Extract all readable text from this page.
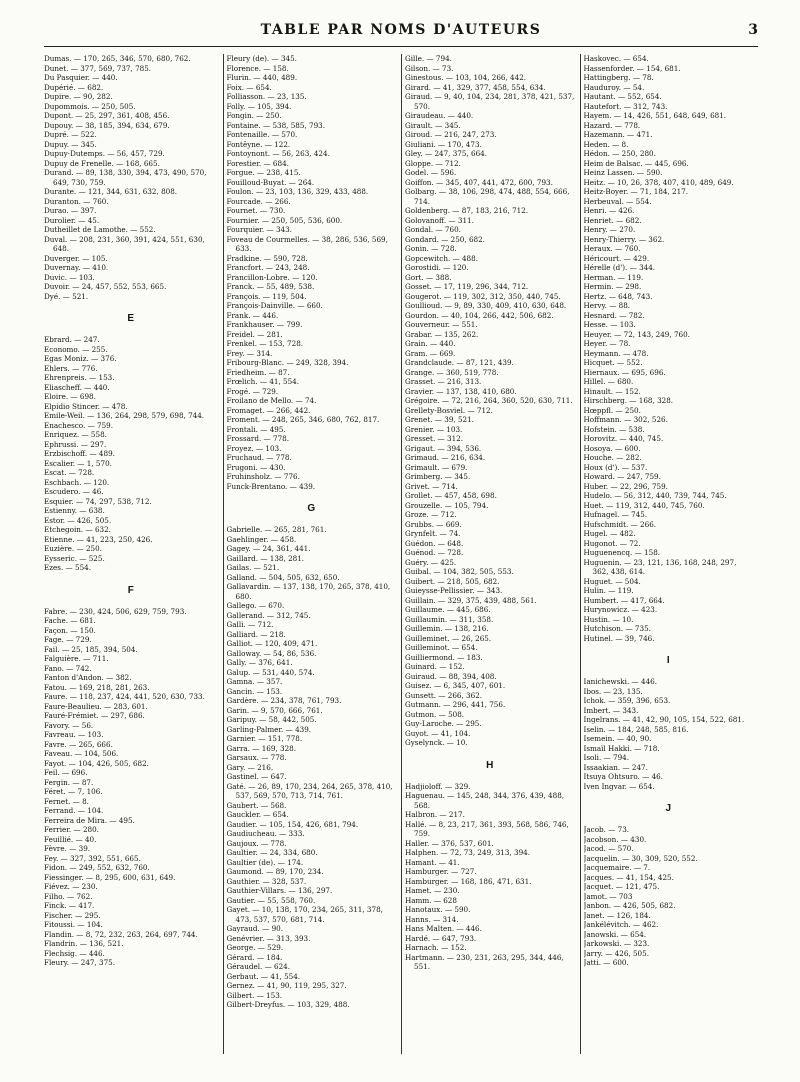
TABLE PAR NOMS D'AUTEURS	3
Dumas. — 170, 265, 346, 570, 680, 762.
Dunet. — 377, 569, 737, 785.
Du Pasquier. — 440.
Dupérié. — 682.
Dupire. — 90, 282.
Dupommois. — 250, 505.
Dupont. — 25, 297, 361, 408, 456.
Dupouy. — 38, 185, 394, 634, 679.
Dupré. — 522.
Dupuy. — 345.
Dupuy-Dutemps. — 56, 457, 729.
Dupuy de Frenelle. — 168, 665.
Durand. — 89, 138, 330, 394, 473, 490, 570, 649, 730, 759.
Durante. — 121, 344, 631, 632, 808.
Duranton. — 760.
Durao. — 397.
Durolier. — 45.
Dutheillet de Lamothe. — 552.
Duval. — 208, 231, 360, 391, 424, 551, 630, 648.
Duverger. — 105.
Duvernay. — 410.
Duvic. — 103.
Duvoir. — 24, 457, 552, 553, 665.
Dyé. — 521.
E
Ebrard. — 247.
Economo. — 255.
Egas Moniz. — 376.
Ehlers. — 776.
Ehrenpreis. — 153.
Eliascheff. — 440.
Eloire. — 698.
Elpidio Stincer. — 478.
Emile-Weil. — 136, 264, 298, 579, 698, 744.
Enachesco. — 759.
Enriquez. — 558.
Ephrussi. — 297.
Erzbischoff. — 489.
Escalier. — 1, 570.
Escat. — 728.
Eschbach. — 120.
Escudero. — 46.
Esquier. — 74, 297, 538, 712.
Estienny. — 638.
Estor. — 426, 505.
Etchegoin. — 632.
Etienne. — 41, 223, 250, 426.
Euzière. — 250.
Eysseric. — 525.
Ezes. — 554.
F
Fabre. — 230, 424, 506, 629, 759, 793.
Fache. — 681.
Façon. — 150.
Fage. — 729.
Fail. — 25, 185, 394, 504.
Falguière. — 711.
Fano. — 742.
Fanton d'Andon. — 382.
Fatou. — 169, 218, 281, 263.
Faure. — 118, 237, 424, 441, 520, 630, 733.
Faure-Beaulieu. — 283, 601.
Fauré-Frémiet. — 297, 686.
Favory. — 56.
Favreau. — 103.
Favre. — 265, 666.
Faveau. — 104, 506.
Fayot. — 104, 426, 505, 682.
Feil. — 696.
Fergin. — 87.
Féret. — 7, 106.
Fernet. — 8.
Ferrand. — 104.
Ferreira de Mira. — 495.
Ferrier. — 280.
Feuillié. — 40.
Fèvre. — 39.
Fey. — 327, 392, 551, 665.
Fidon. — 249, 552, 632, 760.
Fiessinger. — 8, 295, 600, 631, 649.
Fiévez. — 230.
Filho. — 762.
Finck. — 417.
Fischer. — 295.
Fitoussi. — 104.
Flandin. — 8, 72, 232, 263, 264, 697, 744.
Flandrin. — 136, 521.
Flechsig. — 446.
Fleury. — 247, 375.
Fleury (de). — 345.
Florence. — 158.
Flurin. — 440, 489.
Foix. — 654.
Folliasson. — 23, 135.
Folly. — 105, 394.
Fongin. — 250.
Fontaine. — 538, 585, 793.
Fontenaille. — 570.
Fontêyne. — 122.
Fontoynont. — 56, 263, 424.
Forestier. — 684.
Forgue. — 238, 415.
Fouilloud-Buyat. — 264.
Foulon. — 23, 103, 136, 329, 433, 488.
Fourcade. — 266.
Fournet. — 730.
Fournier. — 250, 505, 536, 600.
Fourquier. — 343.
Foveau de Courmelles. — 38, 286, 536, 569, 633.
Fradkine. — 590, 728.
Francfort. — 243, 248.
Francillon-Lobre. — 120.
Franck. — 55, 489, 538.
François. — 119, 504.
François-Dainville. — 660.
Frank. — 446.
Frankhauser. — 799.
Freidel. — 281.
Frenkel. — 153, 728.
Frey. — 314.
Fribourg-Blanc. — 249, 328, 394.
Friedheim. — 87.
Frœlich. — 41, 554.
Frogé. — 729.
Froilano de Mello. — 74.
Fromaget. — 266, 442.
Froment. — 248, 265, 346, 680, 762, 817.
Frontali. — 495.
Frossard. — 778.
Froyez. — 103.
Fruchaud. — 778.
Frugoni. — 430.
Fruhinsholz. — 776.
Funck-Brentano. — 439.
G
Gabrielle. — 265, 281, 761.
Gaehlinger. — 458.
Gagey. — 24, 361, 441.
Gaillard. — 138, 281.
Gailas. — 521.
Galland. — 504, 505, 632, 650.
Gallavardin. — 137, 138, 170, 265, 378, 410, 680.
Gallego. — 670.
Gallerand. — 312, 745.
Galli. — 712.
Galliard. — 218.
Galliot. — 120, 409, 471.
Galloway. — 54, 86, 536.
Gally. — 376, 641.
Galup. — 531, 440, 574.
Gamna. — 357.
Gancin. — 153.
Gardère. — 234, 378, 761, 793.
Garin. — 9, 570, 666, 761.
Garipuy. — 58, 442, 505.
Garling-Palmer. — 439.
Garnier. — 151, 778.
Garra. — 169, 328.
Garsaux. — 778.
Gary. — 216.
Gastinel. — 647.
Gaté. — 26, 89, 170, 234, 264, 265, 378, 410, 537, 569, 570, 713, 714, 761.
Gaubert. — 568.
Gauckler. — 654.
Gaudier. — 105, 154, 426, 681, 794.
Gaudiucheau. — 333.
Gaujoux. — 778.
Gaultier. — 24, 334, 680.
Gaultier (de). — 174.
Gaumond. — 89, 170, 234.
Gauthier. — 328, 537.
Gauthier-Villars. — 136, 297.
Gautier. — 55, 558, 760.
Gayet. — 10, 138, 170, 234, 265, 311, 378, 473, 537, 570, 681, 714.
Gayraud. — 90.
Genévrier. — 313, 393.
George. — 529.
Gérard. — 184.
Géraudel. — 624.
Gerbaut. — 41, 554.
Gernez. — 41, 90, 119, 295, 327.
Gilbert. — 153.
Gilbert-Dreyfus. — 103, 329, 488.
Gille. — 794.
Gilson. — 73.
Ginestous. — 103, 104, 266, 442.
Girard. — 41, 329, 377, 458, 554, 634.
Giraud. — 9, 40, 104, 234, 281, 378, 421, 537, 570.
Giraudeau. — 440.
Girault. — 345.
Giroud. — 216, 247, 273.
Giuliani. — 170, 473.
Gley. — 247, 375, 664.
Gloppe. — 712.
Godel. — 596.
Goiffon. — 345, 407, 441, 472, 600, 793.
Golbarg. — 38, 106, 298, 474, 488, 554, 666, 714.
Goldenberg. — 87, 183, 216, 712.
Golovanoff. — 311.
Gondal. — 760.
Gondard. — 250, 682.
Gonin. — 728.
Gopcewitch. — 488.
Gorostidi. — 120.
Gort. — 388.
Gosset. — 17, 119, 296, 344, 712.
Gougerot. — 119, 302, 312, 350, 440, 745.
Goullioud. — 9, 89, 330, 409, 410, 630, 648.
Gourdon. — 40, 104, 266, 442, 506, 682.
Gouverneur. — 551.
Grabar. — 135, 262.
Grain. — 440.
Gram. — 669.
Grandclaude. — 87, 121, 439.
Grange. — 360, 519, 778.
Grasset. — 216, 313.
Gravier. — 137, 138, 410, 680.
Grégoire. — 72, 216, 264, 360, 520, 630, 711.
Grellety-Bosviel. — 712.
Grenet. — 39, 521.
Grenier. — 103.
Gresset. — 312.
Grigaut. — 394, 536.
Grimaud. — 216, 634.
Grimault. — 679.
Grimberg. — 345.
Grivet. — 714.
Grollet. — 457, 458, 698.
Grouzelle. — 105, 794.
Groze. — 712.
Grubbs. — 669.
Grynfelt. — 74.
Guédon. — 648.
Guénod. — 728.
Guéry. — 425.
Guibal. — 104, 382, 505, 553.
Guibert. — 218, 505, 682.
Guieysse-Pellissier. — 343.
Guillain. — 329, 375, 439, 488, 561.
Guillaume. — 445, 686.
Guillaumin. — 311, 358.
Guillemin. — 138, 216.
Guilleminet. — 26, 265.
Guilleminot. — 654.
Guilliermond. — 183.
Guinard. — 152.
Guiraud. — 88, 394, 408.
Guisez. — 6, 345, 407, 601.
Gunsett. — 266, 362.
Gutmann. — 296, 441, 756.
Gutmon. — 508.
Guy-Laroche. — 295.
Guyot. — 41, 104.
Gyselynck. — 10.
H
Hadjioloff. — 329.
Haguenau. — 145, 248, 344, 376, 439, 488, 568.
Halbron. — 217.
Hallé. — 8, 23, 217, 361, 393, 568, 586, 746, 759.
Haller. — 376, 537, 601.
Halphen. — 72, 73, 249, 313, 394.
Hamant. — 41.
Hamburger. — 727.
Hamburger. — 168, 186, 471, 631.
Hamet. — 230.
Hamm. — 628
Hanotaux. — 590.
Hanns. — 314.
Hans Malten. — 446.
Hardé. — 647, 793.
Harnach. — 152.
Hartmann. — 230, 231, 263, 295, 344, 446, 551.
Haskovec. — 654.
Hassenforder. — 154, 681.
Hattingberg. — 78.
Hauduroy. — 54.
Hautant. — 552, 654.
Hautefort. — 312, 743.
Hayem. — 14, 426, 551, 648, 649, 681.
Hazard. — 778.
Hazemann. — 471.
Heden. — 8.
Hédon. — 250, 280.
Heim de Balsac. — 445, 696.
Heinz Lassen. — 590.
Heitz. — 10, 26, 378, 407, 410, 489, 649.
Heitz-Boyer. — 71, 184, 217.
Herbeuval. — 554.
Henri. — 426.
Henriet. — 682.
Henry. — 270.
Henry-Thierry. — 362.
Heraux. — 760.
Héricourt. — 429.
Hérelle (d'). — 344.
Herman. — 119.
Hermin. — 298.
Hertz. — 648, 743.
Hervy. — 88.
Hesnard. — 782.
Hesse. — 103.
Heuyer. — 72, 143, 249, 760.
Heyer. — 78.
Heymann. — 478.
Hicquet. — 552.
Hiernaux. — 695, 696.
Hillel. — 680.
Hinault. — 152.
Hirschberg. — 168, 328.
Hœppfl. — 250.
Hoffmann. — 302, 526.
Hofstein. — 538.
Horovitz. — 440, 745.
Hosoya. — 600.
Houche. — 282.
Houx (d'). — 537.
Howard. — 247, 759.
Huber. — 22, 296, 759.
Hudelo. — 56, 312, 440, 739, 744, 745.
Huet. — 119, 312, 440, 745, 760.
Hufnagel. — 745.
Hufschmidt. — 266.
Hugel. — 482.
Hugonot. — 72.
Huguenencq. — 158.
Huguenin. — 23, 121, 136, 168, 248, 297, 362, 438, 614.
Huguet. — 504.
Hulin. — 119.
Humbert. — 417, 664.
Hurynowicz. — 423.
Hustin. — 10.
Hutchison. — 735.
Hutinel. — 39, 746.
I
Ianichewski. — 446.
Ibos. — 23, 135.
Ichok. — 359, 396, 653.
Imbert. — 343.
Ingelrans. — 41, 42, 90, 105, 154, 522, 681.
Iselin. — 184, 248, 585, 816.
Isemein. — 40, 90.
Ismaïl Hakki. — 718.
Isoli. — 794.
Issaakian. — 247.
Itsuya Ohtsuro. — 46.
Iven Ingvar. — 654.
J
Jacob. — 73.
Jacobson. — 430.
Jacod. — 570.
Jacquelin. — 30, 309, 520, 552.
Jacquemaire. — 7.
Jacques. — 41, 154, 425.
Jacquet. — 121, 475.
Jamot. — 703
Janbon. — 426, 505, 682.
Janet. — 126, 184.
Jankélévitch. — 462.
Janowski. — 654.
Jarkowski. — 323.
Jarry. — 426, 505.
Jatti. — 600.
